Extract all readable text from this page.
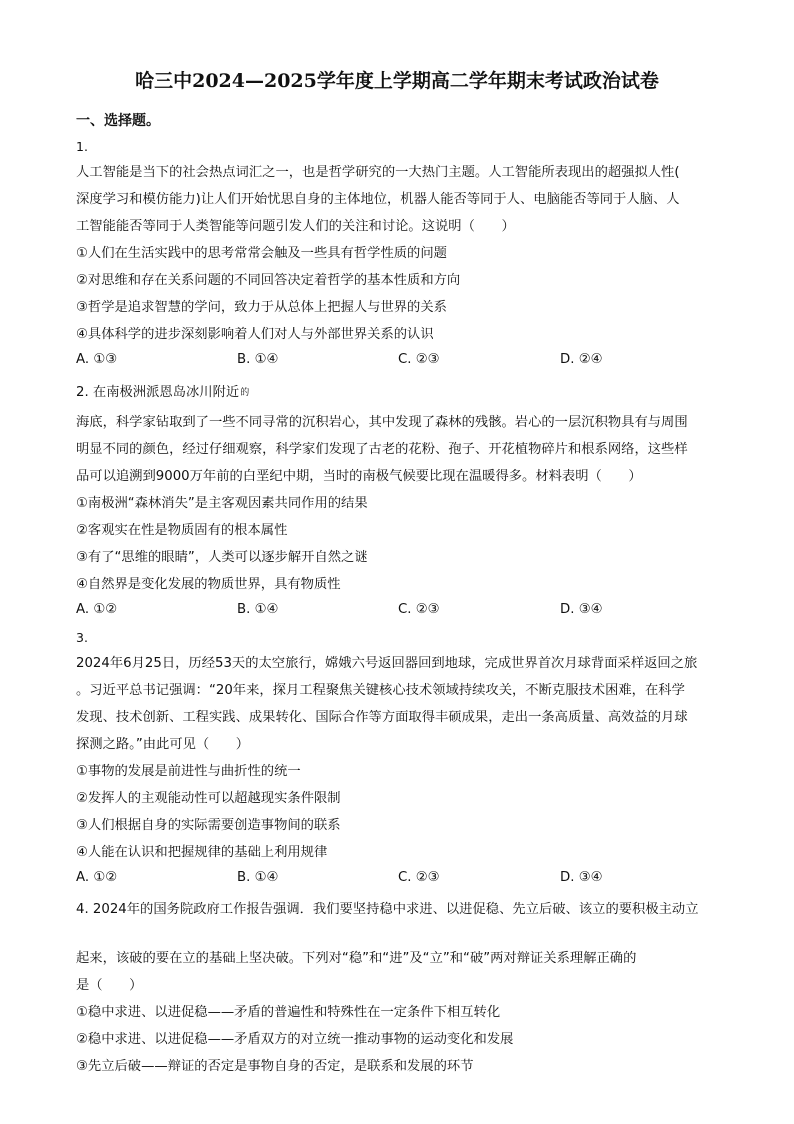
哈三中2024—2025学年度上学期高二学年期末考试政治试卷
一、选择题。
1.
人工智能是当下的社会热点词汇之一，也是哲学研究的一大热门主题。人工智能所表现出的超强拟人性(
深度学习和模仿能力)让人们开始忧思自身的主体地位，机器人能否等同于人、电脑能否等同于人脑、人
工智能能否等同于人类智能等问题引发人们的关注和讨论。这说明（　　）
①人们在生活实践中的思考常常会触及一些具有哲学性质的问题
②对思维和存在关系问题的不同回答决定着哲学的基本性质和方向
③哲学是追求智慧的学问，致力于从总体上把握人与世界的关系
④具体科学的进步深刻影响着人们对人与外部世界关系的认识
A. ①③	B. ①④	C. ②③	D. ②④
2. 在南极洲派恩岛冰川附近$^的$
海底，科学家钻取到了一些不同寻常的沉积岩心，其中发现了森林的残骸。岩心的一层沉积物具有与周围
明显不同的颜色，经过仔细观察，科学家们发现了古老的花粉、孢子、开花植物碎片和根系网络，这些样
品可以追溯到9000万年前的白垩纪中期，当时的南极气候要比现在温暖得多。材料表明（　　）
①南极洲“森林消失”是主客观因素共同作用的结果
②客观实在性是物质固有的根本属性
③有了“思维的眼睛”，人类可以逐步解开自然之谜
④自然界是变化发展的物质世界，具有物质性
A. ①②	B. ①④	C. ②③	D. ③④
3.
2024年6月25日，历经53天的太空旅行，嫦娥六号返回器回到地球，完成世界首次月球背面采样返回之旅
。习近平总书记强调：“20年来，探月工程聚焦关键核心技术领域持续攻关，不断克服技术困难，在科学
发现、技术创新、工程实践、成果转化、国际合作等方面取得丰硕成果，走出一条高质量、高效益的月球
探测之路。”由此可见（　　）
①事物的发展是前进性与曲折性的统一
②发挥人的主观能动性可以超越现实条件限制
③人们根据自身的实际需要创造事物间的联系
④人能在认识和把握规律的基础上利用规律
A. ①②	B. ①④	C. ②③	D. ③④
4. 2024年的国务院政府工作报告强调．我们要坚持稳中求进、以进促稳、先立后破、该立的要积极主动立
起来，该破的要在立的基础上坚决破。下列对“稳”和“进”及“立”和“破”两对辩证关系理解正确的
是（　　）
①稳中求进、以进促稳——矛盾的普遍性和特殊性在一定条件下相互转化
②稳中求进、以进促稳——矛盾双方的对立统一推动事物的运动变化和发展
③先立后破——辩证的否定是事物自身的否定，是联系和发展的环节
